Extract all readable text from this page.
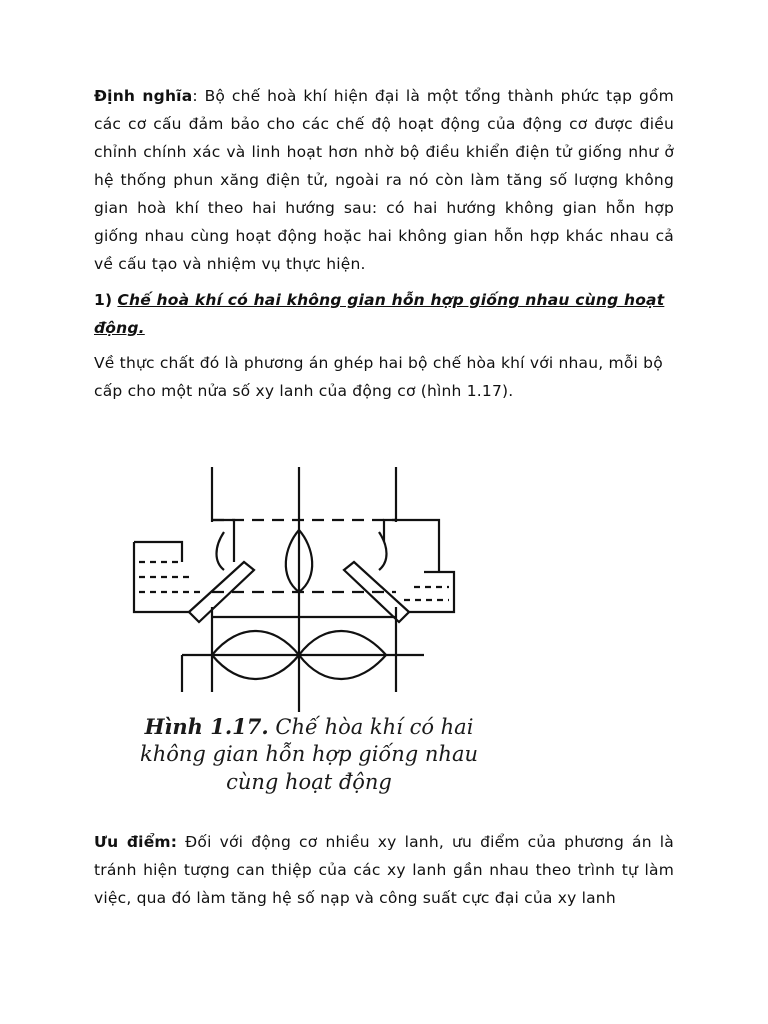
Định nghĩa: Bộ chế hoà khí hiện đại là một tổng thành phức tạp gồm các cơ cấu đảm bảo cho các chế độ hoạt động của động cơ được điều chỉnh chính xác và linh hoạt hơn nhờ bộ điều khiển điện tử giống như ở hệ thống phun xăng điện tử, ngoài ra nó còn làm tăng số lượng không gian hoà khí theo hai hướng sau: có hai hướng không gian hỗn hợp giống nhau cùng hoạt động hoặc hai không gian hỗn hợp khác nhau cả về cấu tạo và nhiệm vụ thực hiện.

1) Chế hoà khí có hai không gian hỗn hợp giống nhau cùng hoạt động.

Về thực chất đó là phương án ghép hai bộ chế hòa khí với nhau, mỗi bộ cấp cho một nửa số xy lanh của động cơ (hình 1.17).

Ưu điểm: Đối với động cơ nhiều xy lanh, ưu điểm của phương án là tránh hiện tượng can thiệp của các xy lanh gần nhau theo trình tự làm việc, qua đó làm tăng hệ số nạp và công suất cực đại của xy lanh

Hình 1.17. Chế hòa khí có hai
không gian hỗn hợp giống nhau
cùng hoạt động
